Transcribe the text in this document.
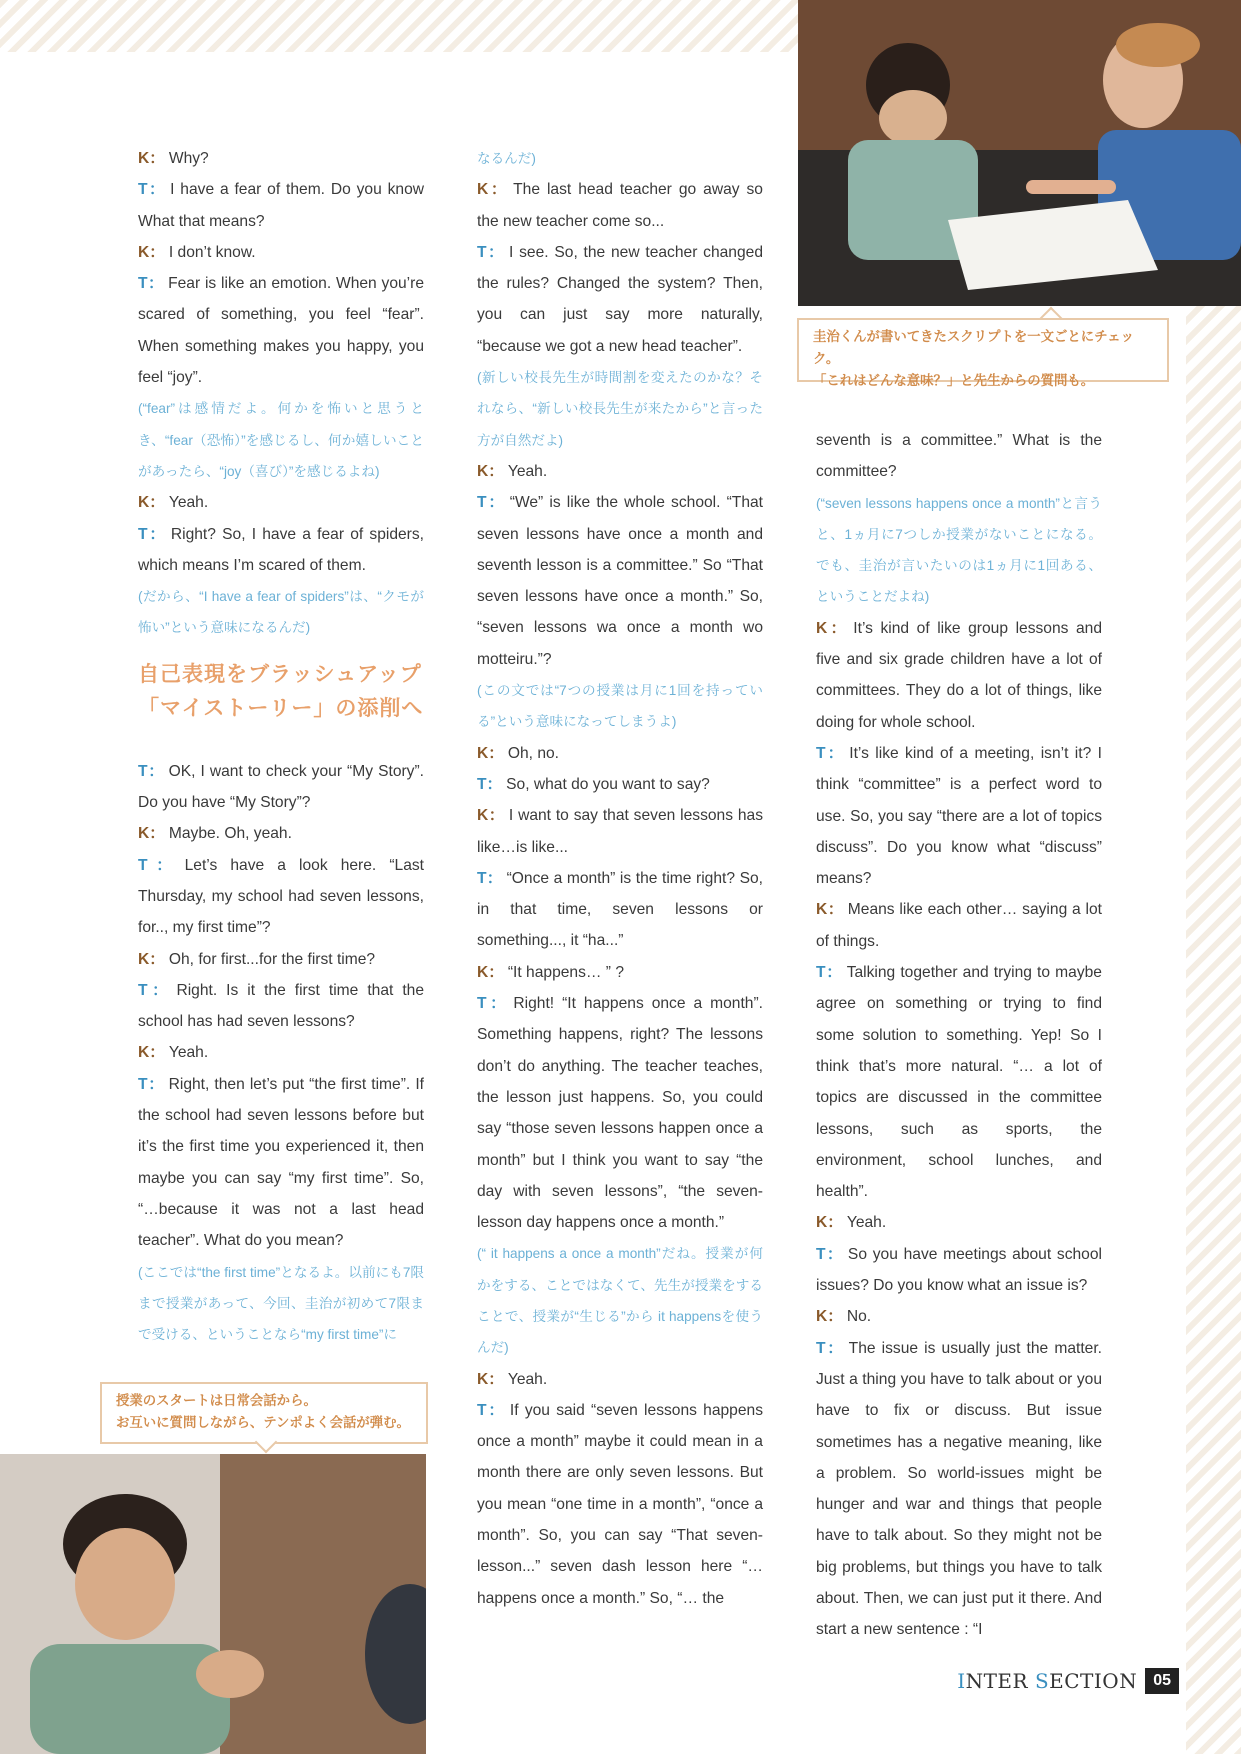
K： Why?

T： I have a fear of them. Do you know What that means?

K： I don’t know.

T： Fear is like an emotion. When you’re scared of something, you feel “fear”. When something makes you happy, you feel “joy”.

(“fear”は感情だよ。何かを怖いと思うとき、“fear（恐怖）”を感じるし、何か嬉しいことがあったら、“joy（喜び）”を感じるよね)

K： Yeah.

T： Right? So, I have a fear of spiders, which means I’m scared of them.

(だから、“I have a fear of spiders”は、“クモが怖い”という意味になるんだ)

自己表現をブラッシュアップ
「マイストーリー」の添削へ

T： OK, I want to check your “My Story”. Do you have “My Story”?

K： Maybe. Oh, yeah.

T： Let’s have a look here. “Last Thursday, my school had seven lessons, for.., my first time”?

K： Oh, for first...for the first time?

T： Right. Is it the first time that the school has had seven lessons?

K： Yeah.

T： Right, then let’s put “the first time”. If the school had seven lessons before but it’s the first time you experienced it, then maybe you can say “my first time”. So, “…because it was not a last head teacher”. What do you mean?

(ここでは“the first time”となるよ。以前にも7限まで授業があって、今回、圭治が初めて7限まで受ける、ということなら“my first time”に

なるんだ)

K： The last head teacher go away so the new teacher come so...

T： I see. So, the new teacher changed the rules? Changed the system? Then, you can just say more naturally, “because we got a new head teacher”.

(新しい校長先生が時間割を変えたのかな？それなら、“新しい校長先生が来たから”と言った方が自然だよ)

K： Yeah.

T： “We” is like the whole school. “That seven lessons have once a month and seventh lesson is a committee.” So “That seven lessons have once a month.” So, “seven lessons wa once a month wo motteiru.”?

(この文では“7つの授業は月に1回を持っている”という意味になってしまうよ)

K： Oh, no.

T： So, what do you want to say?

K： I want to say that seven lessons has like…is like...

T： “Once a month” is the time right? So, in that time, seven lessons or something..., it “ha...”

K： “It happens… ” ?

T： Right! “It happens once a month”. Something happens, right? The lessons don’t do anything. The teacher teaches, the lesson just happens. So, you could say “those seven lessons happen once a month” but I think you want to say “the day with seven lessons”, “the seven-lesson day happens once a month.”

(“ it happens a once a month”だね。授業が何かをする、ことではなくて、先生が授業をすることで、授業が“生じる”から it happensを使うんだ)

K： Yeah.

T： If you said “seven lessons happens once a month” maybe it could mean in a month there are only seven lessons. But you mean “one time in a month”, “once a month”. So, you can say “That seven-lesson...” seven dash lesson here “…happens once a month.” So, “… the

seventh is a committee.” What is the committee?

(“seven lessons happens once a month”と言うと、1ヵ月に7つしか授業がないことになる。でも、圭治が言いたいのは1ヵ月に1回ある、ということだよね)

K： It’s kind of like group lessons and five and six grade children have a lot of committees. They do a lot of things, like doing for whole school.

T： It’s like kind of a meeting, isn’t it? I think “committee” is a perfect word to use. So, you say “there are a lot of topics discuss”. Do you know what “discuss” means?

K： Means like each other… saying a lot of things.

T： Talking together and trying to maybe agree on something or trying to find some solution to something. Yep! So I think that’s more natural. “… a lot of topics are discussed in the committee lessons, such as sports, the environment, school lunches, and health”.

K： Yeah.

T： So you have meetings about school issues? Do you know what an issue is?

K： No.

T： The issue is usually just the matter. Just a thing you have to talk about or you have to fix or discuss. But issue sometimes has a negative meaning, like a problem. So world-issues might be hunger and war and things that people have to talk about. So they might not be big problems, but things you have to talk about. Then, we can just put it there. And start a new sentence : “I

圭治くんが書いてきたスクリプトを一文ごとにチェック。
「これはどんな意味？」と先生からの質問も。
授業のスタートは日常会話から。
お互いに質問しながら、テンポよく会話が弾む。
INTER SECTION	05
